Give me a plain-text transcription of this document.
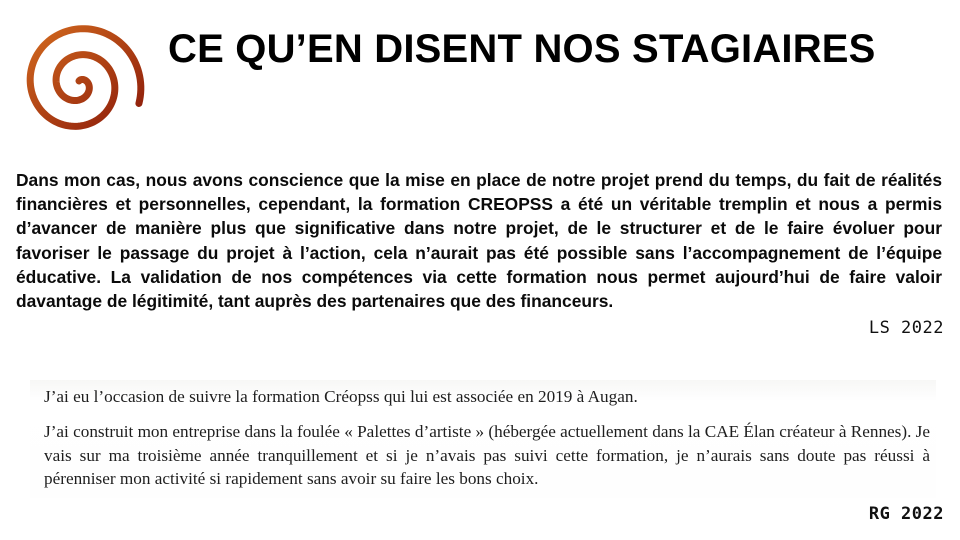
CE QU’EN DISENT NOS STAGIAIRES

Dans mon cas, nous avons conscience que la mise en place de notre projet prend du temps, du fait de réalités financières et personnelles, cependant, la formation CREOPSS a été un véritable tremplin et nous a permis d’avancer de manière plus que significative dans notre projet, de le structurer et de le faire évoluer pour favoriser le passage du projet à l’action, cela n’aurait pas été possible sans l’accompagnement de l’équipe éducative. La validation de nos compétences via cette formation nous permet aujourd’hui de faire valoir davantage de légitimité, tant auprès des partenaires que des financeurs.

LS 2022

J’ai eu l’occasion de suivre la formation Créopss qui lui est associée en 2019 à Augan.

J’ai construit mon entreprise dans la foulée « Palettes d’artiste » (hébergée actuellement dans la CAE Élan créateur à Rennes). Je vais sur ma troisième année tranquillement et si je n’avais pas suivi cette formation, je n’aurais sans doute pas réussi à pérenniser mon activité si rapidement sans avoir su faire les bons choix.

RG 2022
